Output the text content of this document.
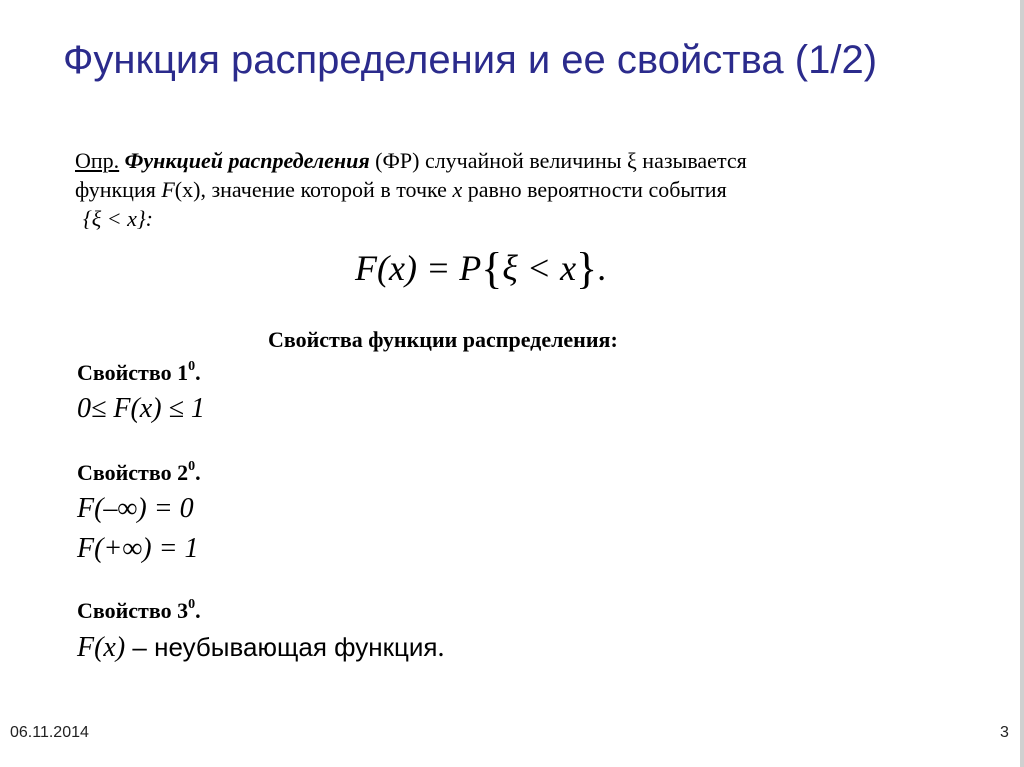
Функция распределения и ее свойства (1/2)
Опр. Функцией распределения (ФР) случайной величины ξ называется
функция F(x), значение которой в точке x равно вероятности события
{ξ < x}:
F(x) = P{ξ < x}.
Свойства функции распределения:
Свойство $1^0$.
0≤ F(x) ≤ 1
Свойство $2^0$.
F(–∞) = 0
F(+∞) = 1
Свойство $3^0$.
F(x) – неубывающая функция.
06.11.2014	3
